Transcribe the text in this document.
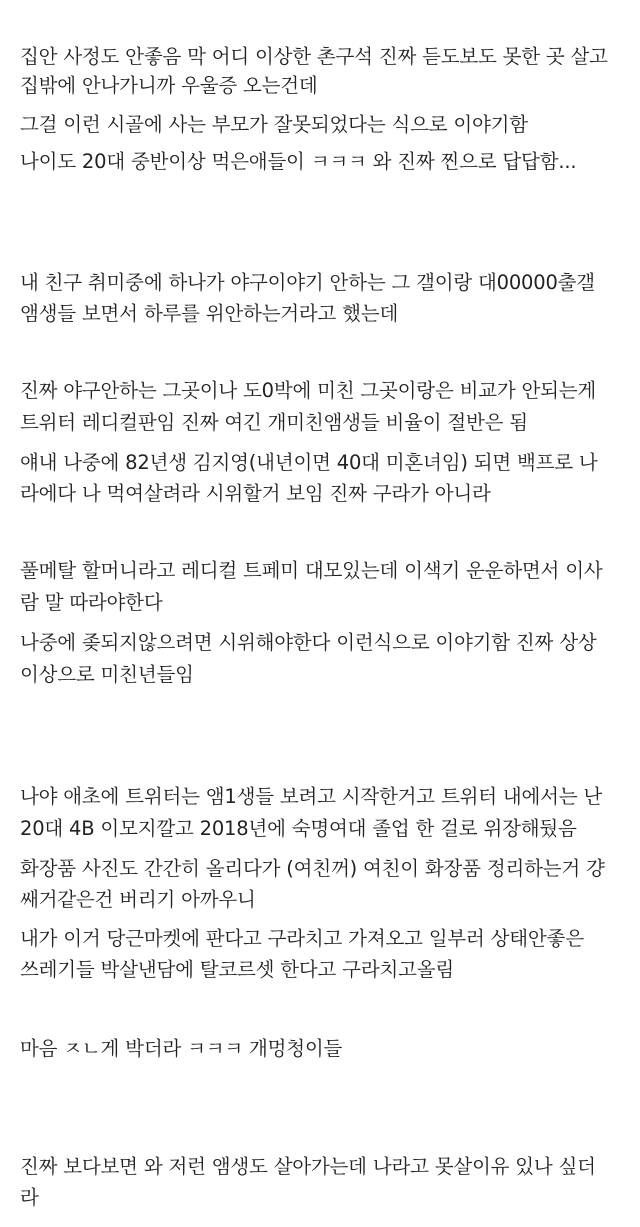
집안 사정도 안좋음 막 어디 이상한 촌구석 진짜 듣도보도 못한 곳 살고
집밖에 안나가니까 우울증 오는건데
그걸 이런 시골에 사는 부모가 잘못되었다는 식으로 이야기함
나이도 20대 중반이상 먹은애들이 ㅋㅋㅋ 와 진짜 찐으로 답답함...
내 친구 취미중에 하나가 야구이야기 안하는 그 갤이랑 대00000출갤
앰생들 보면서 하루를 위안하는거라고 했는데
진짜 야구안하는 그곳이나 도0박에 미친 그곳이랑은 비교가 안되는게
트위터 레디컬판임 진짜 여긴 개미친앰생들 비율이 절반은 됨
얘내 나중에 82년생 김지영(내년이면 40대 미혼녀임) 되면 백프로 나
라에다 나 먹여살려라 시위할거 보임 진짜 구라가 아니라
풀메탈 할머니라고 레디컬 트페미 대모있는데 이색기 운운하면서 이사
람 말 따라야한다
나중에 좆되지않으려면 시위해야한다 이런식으로 이야기함 진짜 상상
이상으로 미친년들임
나야 애초에 트위터는 앰1생들 보려고 시작한거고 트위터 내에서는 난
20대 4B 이모지깔고 2018년에 숙명여대 졸업 한 걸로 위장해뒀음
화장품 사진도 간간히 올리다가 (여친꺼) 여친이 화장품 정리하는거 걍
쌔거같은건 버리기 아까우니
내가 이거 당근마켓에 판다고 구라치고 가져오고 일부러 상태안좋은
쓰레기들 박살낸담에 탈코르셋 한다고 구라치고올림
마음 ㅈㄴ게 박더라 ㅋㅋㅋ 개멍청이들
진짜 보다보면 와 저런 앰생도 살아가는데 나라고 못살이유 있나 싶더
라
